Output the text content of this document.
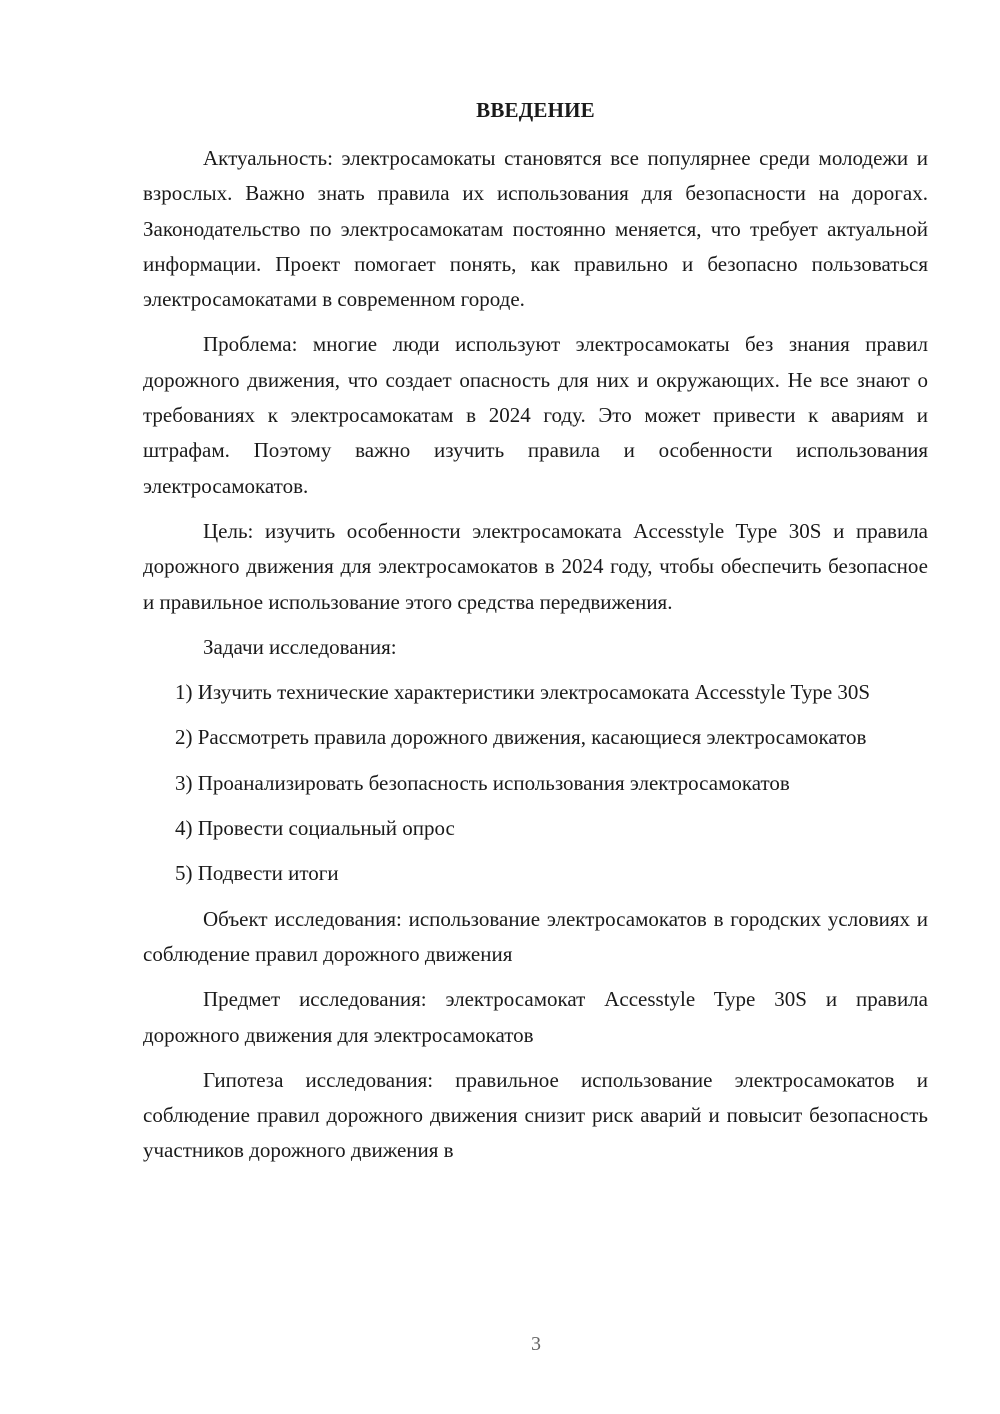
ВВЕДЕНИЕ

Актуальность: электросамокаты становятся все популярнее среди молодежи и взрослых. Важно знать правила их использования для безопасности на дорогах. Законодательство по электросамокатам постоянно меняется, что требует актуальной информации. Проект помогает понять, как правильно и безопасно пользоваться электросамокатами в современном городе.

Проблема: многие люди используют электросамокаты без знания правил дорожного движения, что создает опасность для них и окружающих. Не все знают о требованиях к электросамокатам в 2024 году. Это может привести к авариям и штрафам. Поэтому важно изучить правила и особенности использования электросамокатов.

Цель: изучить особенности электросамоката Accesstyle Type 30S и правила дорожного движения для электросамокатов в 2024 году, чтобы обеспечить безопасное и правильное использование этого средства передвижения.

Задачи исследования:

1) Изучить технические характеристики электросамоката Accesstyle Type 30S

2) Рассмотреть правила дорожного движения, касающиеся электросамокатов

3) Проанализировать безопасность использования электросамокатов

4) Провести социальный опрос

5) Подвести итоги

Объект исследования: использование электросамокатов в городских условиях и соблюдение правил дорожного движения

Предмет исследования: электросамокат Accesstyle Type 30S и правила дорожного движения для электросамокатов

Гипотеза исследования: правильное использование электросамокатов и соблюдение правил дорожного движения снизит риск аварий и повысит безопасность участников дорожного движения в

3
